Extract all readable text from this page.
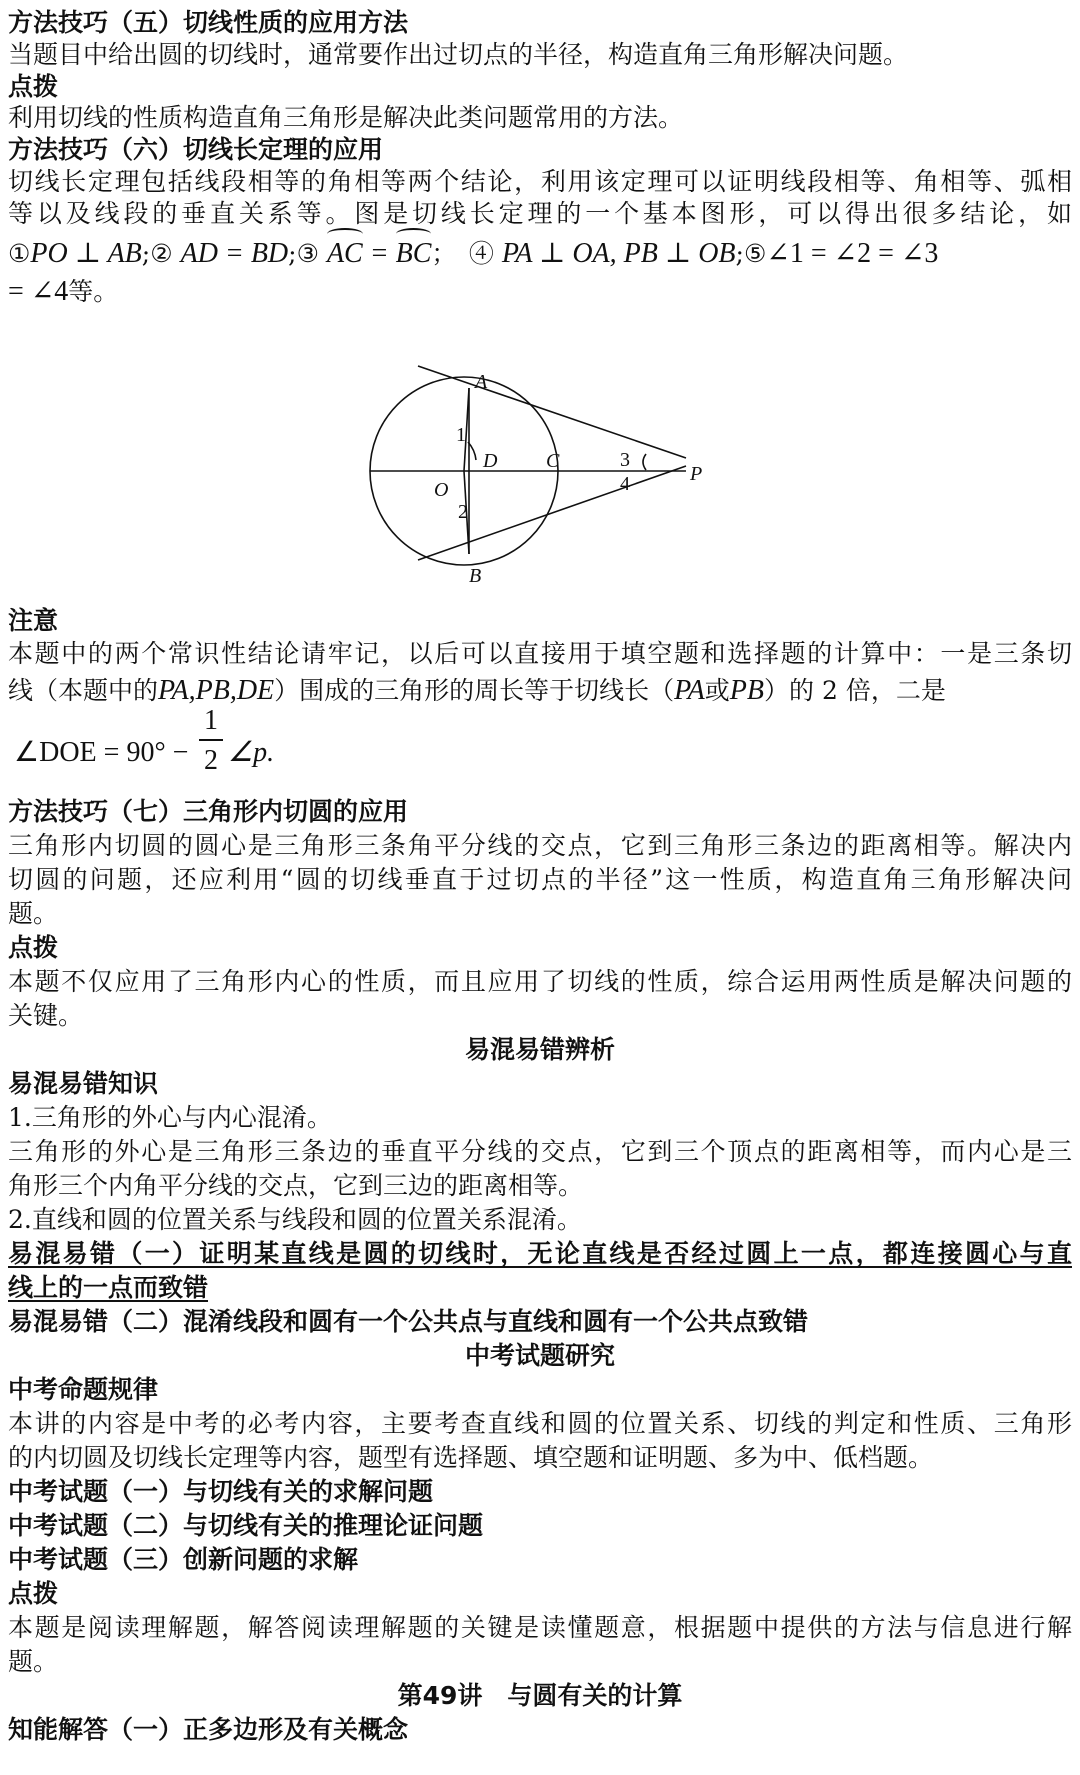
方法技巧（五）切线性质的应用方法
当题目中给出圆的切线时，通常要作出过切点的半径，构造直角三角形解决问题。
点拨
利用切线的性质构造直角三角形是解决此类问题常用的方法。
方法技巧（六）切线长定理的应用
切线长定理包括线段相等的角相等两个结论，利用该定理可以证明线段相等、角相等、弧相
等以及线段的垂直关系等。图是切线长定理的一个基本图形，可以得出很多结论，如
①PO ⊥ AB;② AD = BD;③ AC = BC；　④ PA ⊥ OA, PB ⊥ OB;⑤∠1 = ∠2 = ∠3
= ∠4等。
A
B
O
D C
P
1
2
3
4
注意
本题中的两个常识性结论请牢记，以后可以直接用于填空题和选择题的计算中：一是三条切
线（本题中的PA,PB,DE）围成的三角形的周长等于切线长（PA或PB）的 2 倍，二是
∠DOE = 90° −
1
2 ∠p.
方法技巧（七）三角形内切圆的应用
三角形内切圆的圆心是三角形三条角平分线的交点，它到三角形三条边的距离相等。解决内
切圆的问题，还应利用“圆的切线垂直于过切点的半径”这一性质，构造直角三角形解决问
题。
点拨
本题不仅应用了三角形内心的性质，而且应用了切线的性质，综合运用两性质是解决问题的
关键。
易混易错辨析
易混易错知识
1.三角形的外心与内心混淆。
三角形的外心是三角形三条边的垂直平分线的交点，它到三个顶点的距离相等，而内心是三
角形三个内角平分线的交点，它到三边的距离相等。
2.直线和圆的位置关系与线段和圆的位置关系混淆。
易混易错（一）证明某直线是圆的切线时，无论直线是否经过圆上一点，都连接圆心与直
线上的一点而致错
易混易错（二）混淆线段和圆有一个公共点与直线和圆有一个公共点致错
中考试题研究
中考命题规律
本讲的内容是中考的必考内容，主要考查直线和圆的位置关系、切线的判定和性质、三角形
的内切圆及切线长定理等内容，题型有选择题、填空题和证明题、多为中、低档题。
中考试题（一）与切线有关的求解问题
中考试题（二）与切线有关的推理论证问题
中考试题（三）创新问题的求解
点拨
本题是阅读理解题，解答阅读理解题的关键是读懂题意，根据题中提供的方法与信息进行解
题。
第49讲　与圆有关的计算
知能解答（一）正多边形及有关概念
